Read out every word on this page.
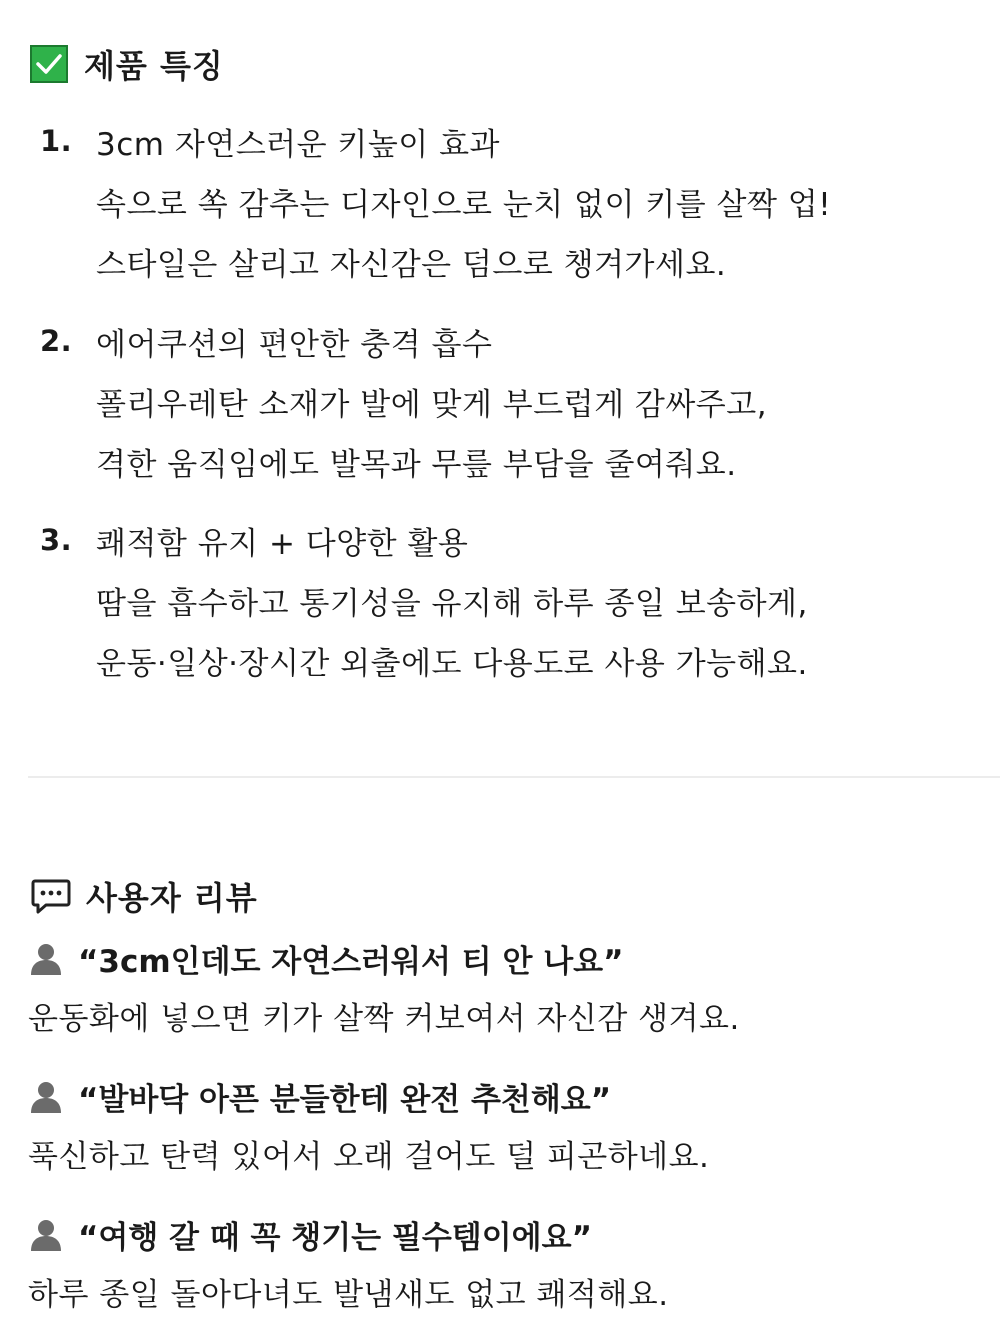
제품 특징
1. 3cm 자연스러운 키높이 효과
속으로 쏙 감추는 디자인으로 눈치 없이 키를 살짝 업!
스타일은 살리고 자신감은 덤으로 챙겨가세요.
2. 에어쿠션의 편안한 충격 흡수
폴리우레탄 소재가 발에 맞게 부드럽게 감싸주고,
격한 움직임에도 발목과 무릎 부담을 줄여줘요.
3. 쾌적함 유지 + 다양한 활용
땀을 흡수하고 통기성을 유지해 하루 종일 보송하게,
운동·일상·장시간 외출에도 다용도로 사용 가능해요.
사용자 리뷰
“3cm인데도 자연스러워서 티 안 나요”
운동화에 넣으면 키가 살짝 커보여서 자신감 생겨요.
“발바닥 아픈 분들한테 완전 추천해요”
푹신하고 탄력 있어서 오래 걸어도 덜 피곤하네요.
“여행 갈 때 꼭 챙기는 필수템이에요”
하루 종일 돌아다녀도 발냄새도 없고 쾌적해요.
